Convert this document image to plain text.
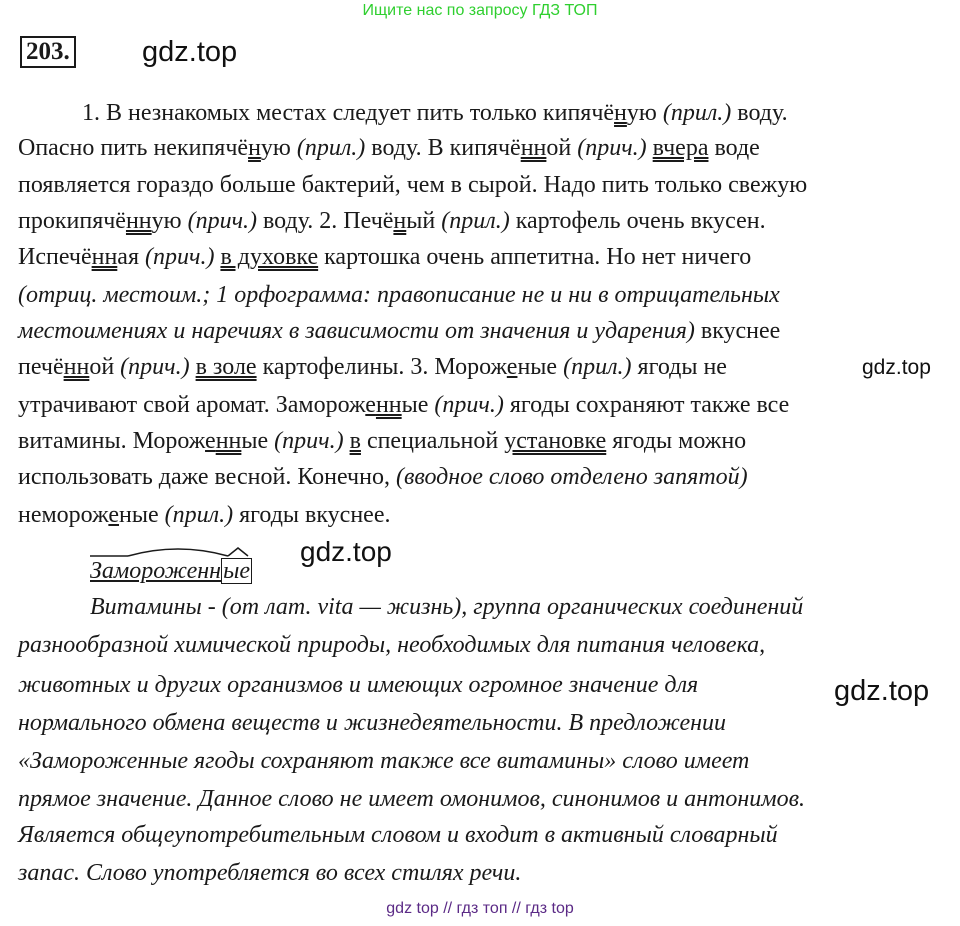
Ищите нас по запросу ГДЗ ТОП
203. gdz.top
gdz.top
gdz.top
gdz.top
1. В незнакомых местах следует пить только кипячёную (прил.) воду.
Опасно пить некипячёную (прил.) воду. В кипячённой (прич.) вчера воде
появляется гораздо больше бактерий, чем в сырой. Надо пить только свежую
прокипячённую (прич.) воду. 2. Печёный (прил.) картофель очень вкусен.
Испечённая (прич.) в духовке картошка очень аппетитна. Но нет ничего
(отриц. местоим.; 1 орфограмма: правописание не и ни в отрицательных
местоимениях и наречиях в зависимости от значения и ударения) вкуснее
печённой (прич.) в золе картофелины. 3. Мороженые (прил.) ягоды не
утрачивают свой аромат. Замороженные (прич.) ягоды сохраняют также все
витамины. Мороженные (прич.) в специальной установке ягоды можно
использовать даже весной. Конечно, (вводное слово отделено запятой)
немороженые (прил.) ягоды вкуснее.
Замороженные
Витамины - (от лат. vita — жизнь), группа органических соединений
разнообразной химической природы, необходимых для питания человека,
животных и других организмов и имеющих огромное значение для
нормального обмена веществ и жизнедеятельности. В предложении
«Замороженные ягоды сохраняют также все витамины» слово имеет
прямое значение. Данное слово не имеет омонимов, синонимов и антонимов.
Является общеупотребительным словом и входит в активный словарный
запас. Слово употребляется во всех стилях речи.
gdz top // гдз топ // гдз top
